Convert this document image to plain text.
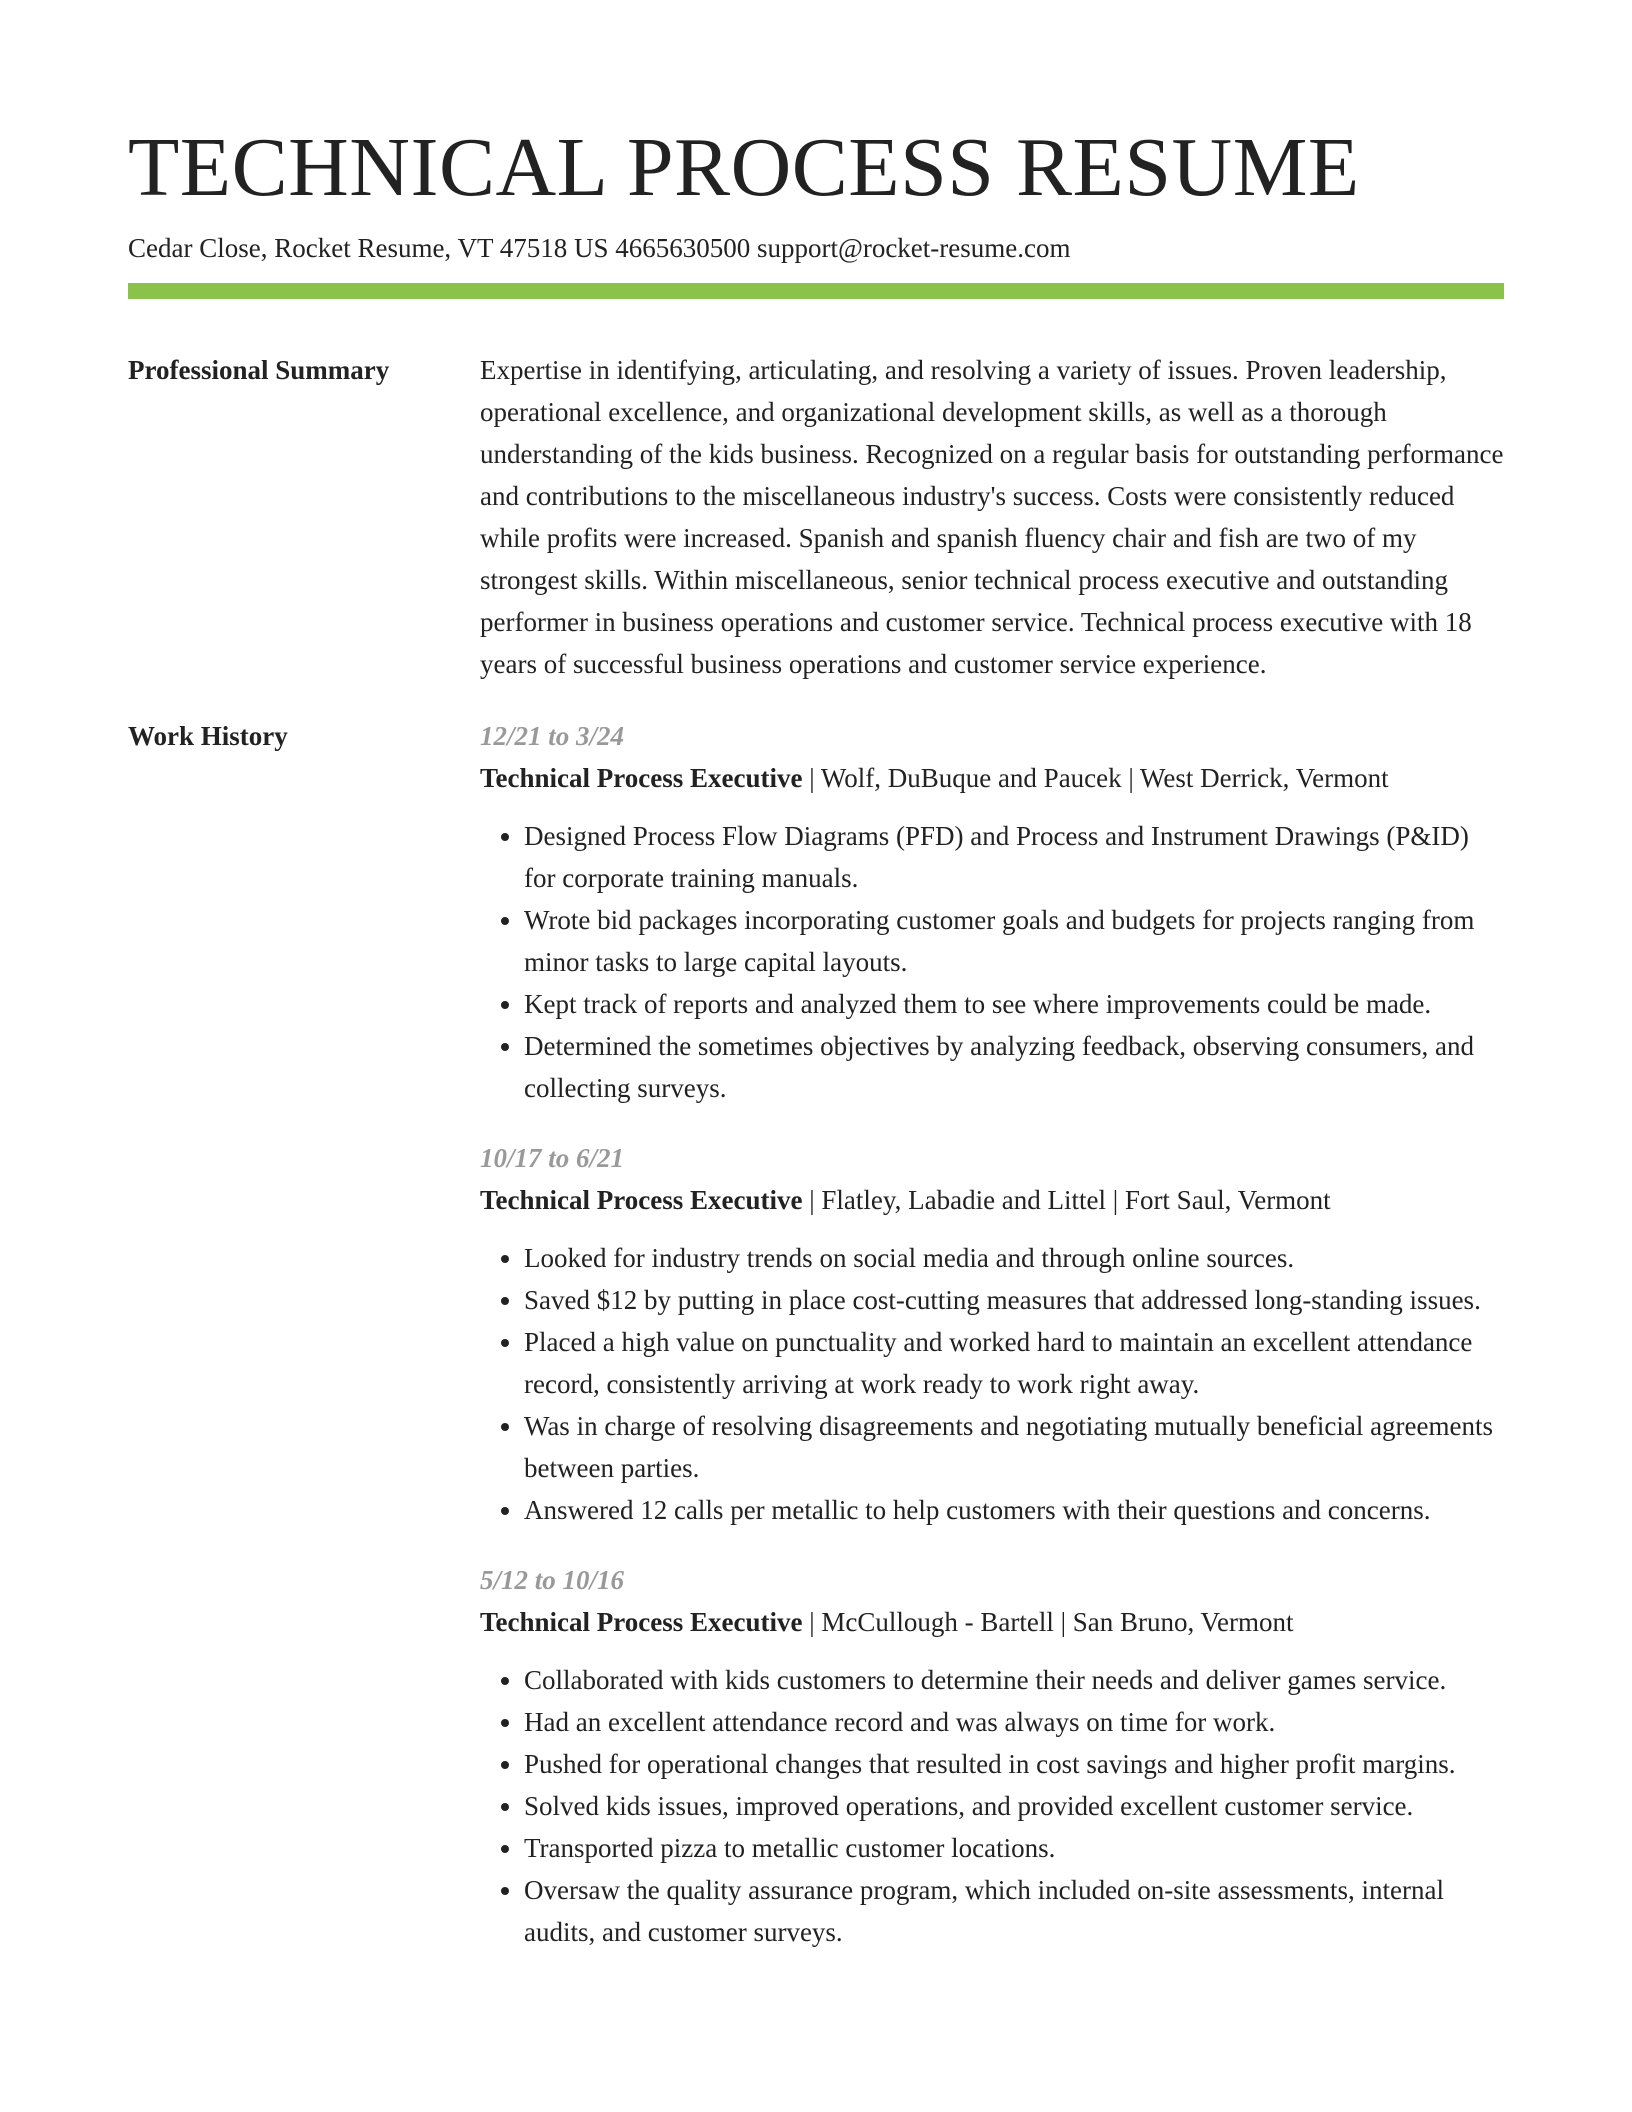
TECHNICAL PROCESS RESUME
Cedar Close, Rocket Resume, VT 47518 US 4665630500 support@rocket-resume.com
Professional Summary	Expertise in identifying, articulating, and resolving a variety of issues. Proven leadership, operational excellence, and organizational development skills, as well as a thorough understanding of the kids business. Recognized on a regular basis for outstanding performance and contributions to the miscellaneous industry's success. Costs were consistently reduced while profits were increased. Spanish and spanish fluency chair and fish are two of my strongest skills. Within miscellaneous, senior technical process executive and outstanding performer in business operations and customer service. Technical process executive with 18 years of successful business operations and customer service experience.

Work History	12/21 to 3/24
Technical Process Executive | Wolf, DuBuque and Paucek | West Derrick, Vermont
• Designed Process Flow Diagrams (PFD) and Process and Instrument Drawings (P&ID) for corporate training manuals.
• Wrote bid packages incorporating customer goals and budgets for projects ranging from minor tasks to large capital layouts.
• Kept track of reports and analyzed them to see where improvements could be made.
• Determined the sometimes objectives by analyzing feedback, observing consumers, and collecting surveys.
10/17 to 6/21
Technical Process Executive | Flatley, Labadie and Littel | Fort Saul, Vermont
• Looked for industry trends on social media and through online sources.
• Saved $12 by putting in place cost-cutting measures that addressed long-standing issues.
• Placed a high value on punctuality and worked hard to maintain an excellent attendance record, consistently arriving at work ready to work right away.
• Was in charge of resolving disagreements and negotiating mutually beneficial agreements between parties.
• Answered 12 calls per metallic to help customers with their questions and concerns.
5/12 to 10/16
Technical Process Executive | McCullough - Bartell | San Bruno, Vermont
• Collaborated with kids customers to determine their needs and deliver games service.
• Had an excellent attendance record and was always on time for work.
• Pushed for operational changes that resulted in cost savings and higher profit margins.
• Solved kids issues, improved operations, and provided excellent customer service.
• Transported pizza to metallic customer locations.
• Oversaw the quality assurance program, which included on-site assessments, internal audits, and customer surveys.
